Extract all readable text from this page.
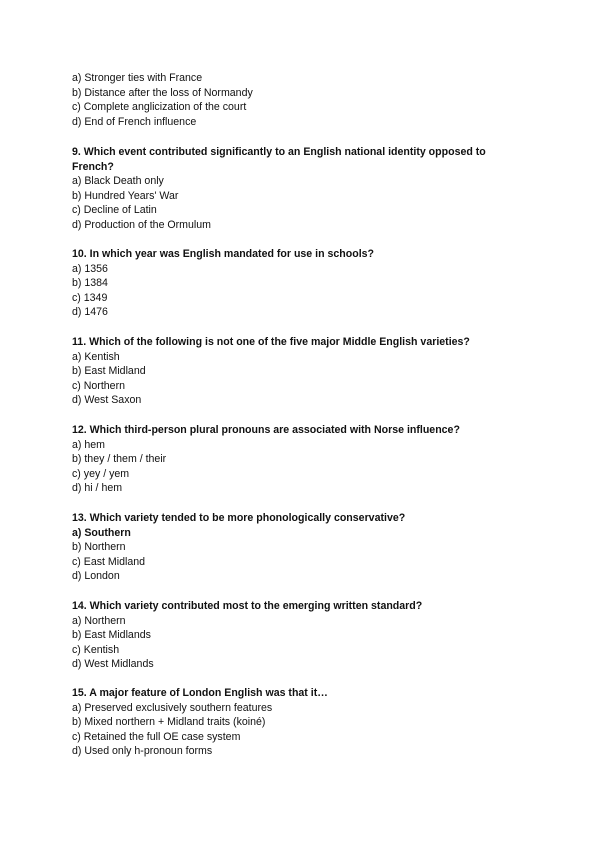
a) Stronger ties with France
b) Distance after the loss of Normandy
c) Complete anglicization of the court
d) End of French influence
9. Which event contributed significantly to an English national identity opposed to
French?
a) Black Death only
b) Hundred Years' War
c) Decline of Latin
d) Production of the Ormulum
10. In which year was English mandated for use in schools?
a) 1356
b) 1384
c) 1349
d) 1476
11. Which of the following is not one of the five major Middle English varieties?
a) Kentish
b) East Midland
c) Northern
d) West Saxon
12. Which third-person plural pronouns are associated with Norse influence?
a) hem
b) they / them / their
c) yey / yem
d) hi / hem
13. Which variety tended to be more phonologically conservative?
a) Southern
b) Northern
c) East Midland
d) London
14. Which variety contributed most to the emerging written standard?
a) Northern
b) East Midlands
c) Kentish
d) West Midlands
15. A major feature of London English was that it…
a) Preserved exclusively southern features
b) Mixed northern + Midland traits (koiné)
c) Retained the full OE case system
d) Used only h-pronoun forms
